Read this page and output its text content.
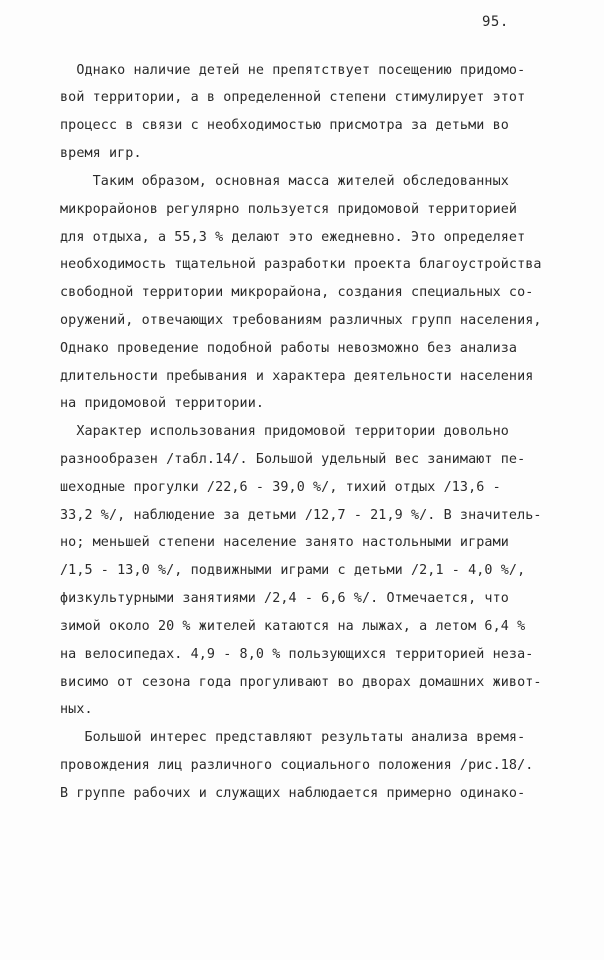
95.
Однако наличие детей не препятствует посещению придомо-
вой территории, а в определенной степени стимулирует этот
процесс в связи с необходимостью присмотра за детьми во
время игр.
Таким образом, основная масса жителей обследованных
микрорайонов регулярно пользуется придомовой территорией
для отдыха, а 55,3 % делают это ежедневно. Это определяет
необходимость тщательной разработки проекта благоустройства
свободной территории микрорайона, создания специальных со-
оружений, отвечающих требованиям различных групп населения,
Однако проведение подобной работы невозможно без анализа
длительности пребывания и характера деятельности населения
на придомовой территории.
Характер использования придомовой территории довольно
разнообразен /табл.14/. Большой удельный вес занимают пе-
шеходные прогулки /22,6 - 39,0 %/, тихий отдых /13,6 -
33,2 %/, наблюдение за детьми /12,7 - 21,9 %/. В значитель-
но; меньшей степени население занято настольными играми
/1,5 - 13,0 %/, подвижными играми с детьми /2,1 - 4,0 %/,
физкультурными занятиями /2,4 - 6,6 %/. Отмечается, что
зимой около 20 % жителей катаются на лыжах, а летом 6,4 %
на велосипедах. 4,9 - 8,0 % пользующихся территорией неза-
висимо от сезона года прогуливают во дворах домашних живот-
ных.
Большой интерес представляют результаты анализа время-
провождения лиц различного социального положения /рис.18/.
В группе рабочих и служащих наблюдается примерно одинако-
